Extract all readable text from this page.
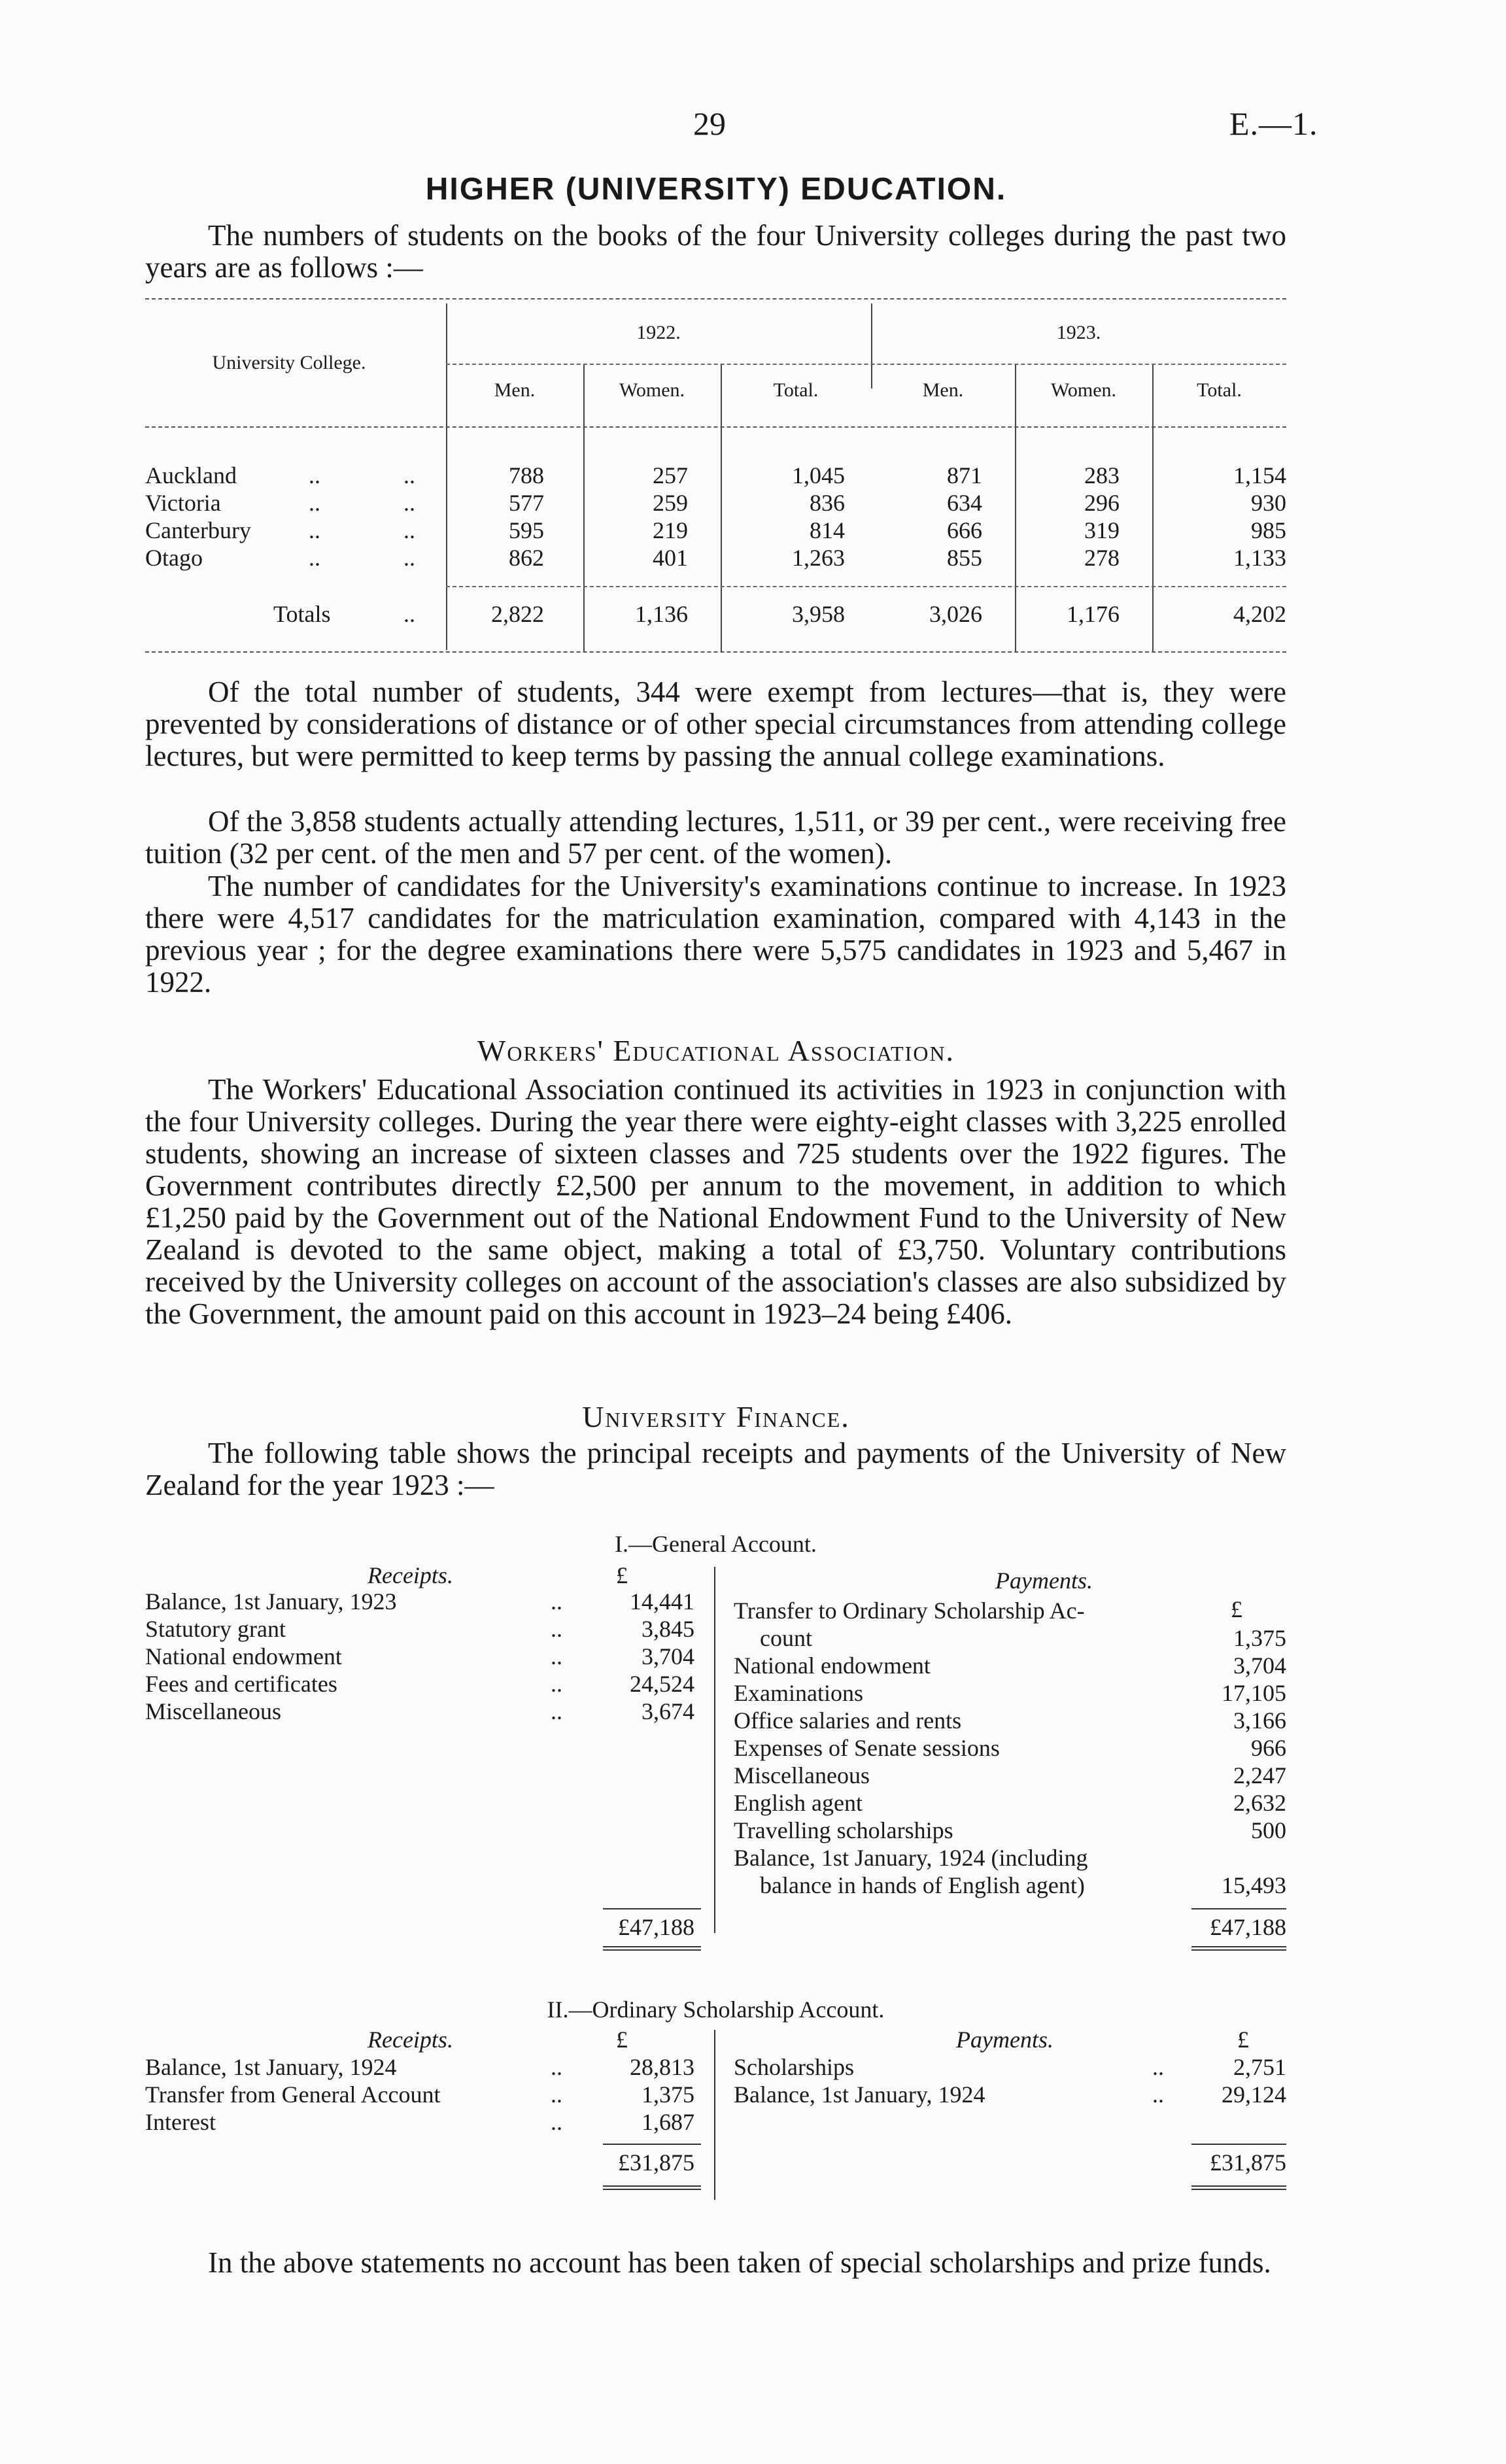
29	E.—1.
HIGHER (UNIVERSITY) EDUCATION.
The numbers of students on the books of the four University colleges during the past two years are as follows :—
University College.
1922.	1923.
Men.	Women.	Total.	Men.	Women.	Total.
Auckland	..	..	788	257	1,045	871	283	1,154
Victoria	..	..	577	259	836	634	296	930
Canterbury ..	..	595	219	814	666	319	985
Otago	..	..	862	401	1,263	855	278	1,133
Totals	..	2,822	1,136	3,958	3,026	1,176	4,202
Of the total number of students, 344 were exempt from lectures—that is, they were prevented by considerations of distance or of other special circumstances from attending college lectures, but were permitted to keep terms by passing the annual college examinations.
Of the 3,858 students actually attending lectures, 1,511, or 39 per cent., were receiving free tuition (32 per cent. of the men and 57 per cent. of the women).
The number of candidates for the University's examinations continue to increase. In 1923 there were 4,517 candidates for the matriculation examination, compared with 4,143 in the previous year ; for the degree examinations there were 5,575 candidates in 1923 and 5,467 in 1922.
Workers' Educational Association.
The Workers' Educational Association continued its activities in 1923 in conjunction with the four University colleges. During the year there were eighty-eight classes with 3,225 enrolled students, showing an increase of sixteen classes and 725 students over the 1922 figures. The Government contributes directly £2,500 per annum to the movement, in addition to which £1,250 paid by the Government out of the National Endowment Fund to the University of New Zealand is devoted to the same object, making a total of £3,750. Voluntary contributions received by the University colleges on account of the association's classes are also subsidized by the Government, the amount paid on this account in 1923–24 being £406.
University Finance.
The following table shows the principal receipts and payments of the University of New Zealand for the year 1923 :—
I.—General Account.
Receipts.	£	Payments.
Balance, 1st January, 1923	..	14,441
Statutory grant	..	3,845
National endowment	..	3,704
Fees and certificates	..	24,524
Miscellaneous	..	3,674
£
Transfer to Ordinary Scholarship Ac-
count	1,375
National endowment	3,704
Examinations	17,105
Office salaries and rents	3,166
Expenses of Senate sessions	966
Miscellaneous	2,247
English agent	2,632
Travelling scholarships	500
Balance, 1st January, 1924 (including
balance in hands of English agent)	15,493
£47,188	£47,188
II.—Ordinary Scholarship Account.
Receipts.	£	Payments.	£
Balance, 1st January, 1924	..	28,813
Transfer from General Account	..	1,375
Interest	..	1,687
Scholarships	..	2,751
Balance, 1st January, 1924	..	29,124
£31,875	£31,875
In the above statements no account has been taken of special scholarships and prize funds.
